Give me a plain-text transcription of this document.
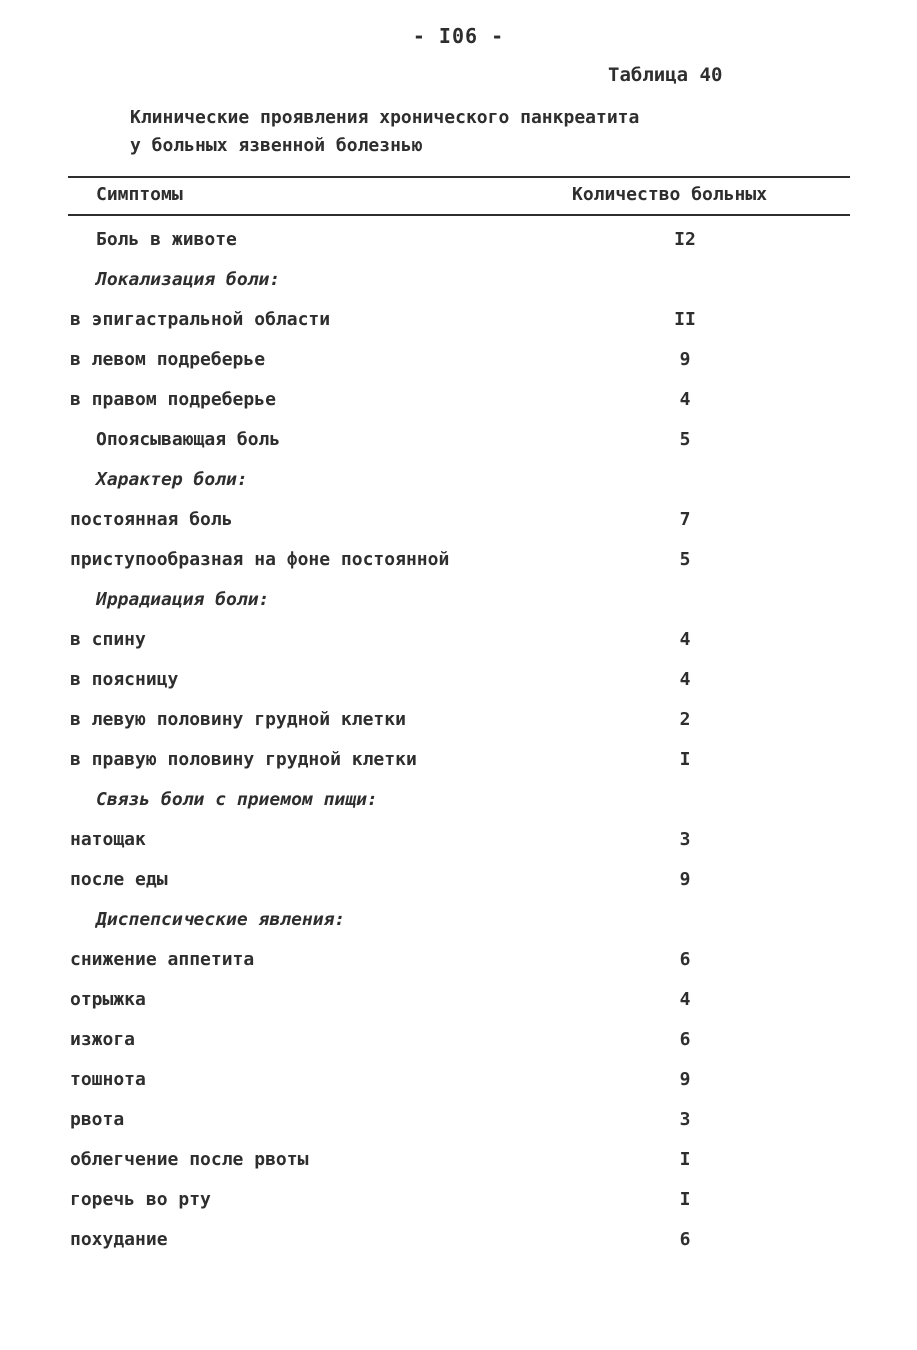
- I06 -
Таблица 40
Клинические проявления хронического панкреатита
у больных язвенной болезнью
Симптомы	Количество больных
Боль в животе	I2
Локализация боли:
в эпигастральной области	II
в левом подреберье	9
в правом подреберье	4
Опоясывающая боль	5
Характер боли:
постоянная боль	7
приступообразная на фоне постоянной	5
Иррадиация боли:
в спину	4
в поясницу	4
в левую половину грудной клетки	2
в правую половину грудной клетки	I
Связь боли с приемом пищи:
натощак	3
после еды	9
Диспепсические явления:
снижение аппетита	6
отрыжка	4
изжога	6
тошнота	9
рвота	3
облегчение после рвоты	I
горечь во рту	I
похудание	6
